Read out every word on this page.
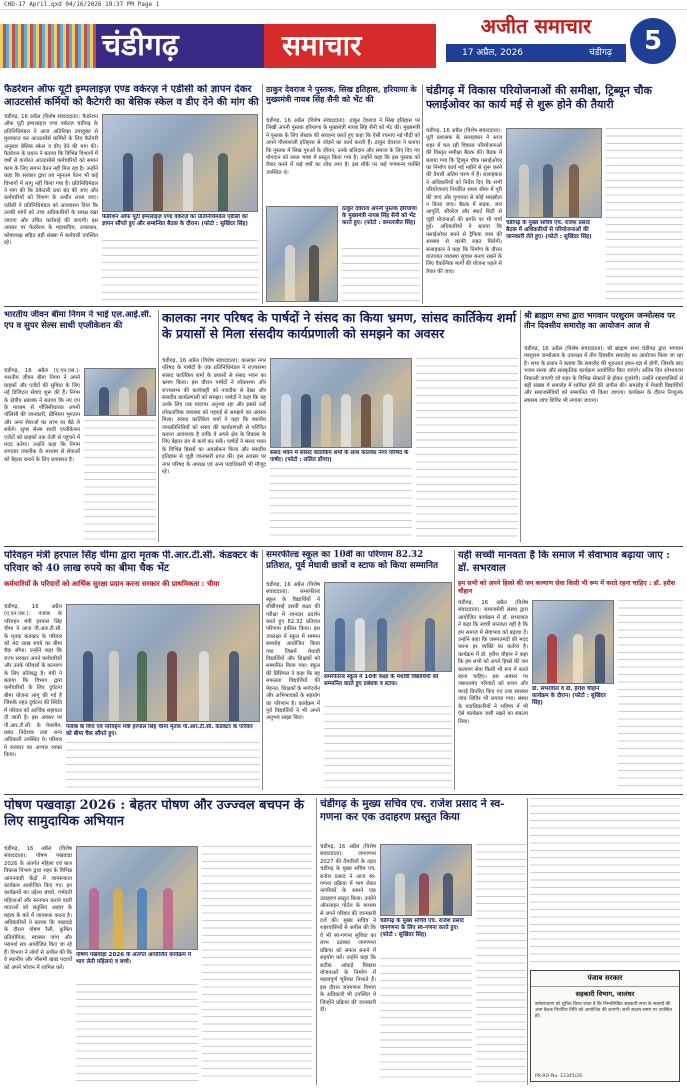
CHD-17 April.qxd 04/16/2026 19:37 PM Page 1
चंडीगढ़	समाचार
अजीत समाचार
17 अप्रैल, 2026	चंडीगढ़	5
फैडरेशन ऑफ यूटी इम्पलाइज़ एण्ड वर्करज़ ने एडीसी को ज्ञापन देकर आउटसोर्स कर्मियों को कैटेगरी का बेसिक स्केल व डीए देने की मांग की
चंडीगढ़, 16 अप्रैल (विशेष संवाददाता): फैडरेशन ऑफ यूटी इम्पलाइज़ एण्ड वर्करज़ चंडीगढ़ के प्रतिनिधिमंडल ने आज अतिरिक्त उपायुक्त से मुलाकात कर आउटसोर्स कर्मियों के लिए कैटेगरी अनुसार बेसिक स्केल व डीए देने की मांग की। फैडरेशन के प्रधान ने बताया कि विभिन्न विभागों में वर्षों से कार्यरत आउटसोर्स कर्मचारियों को समान काम के लिए समान वेतन नहीं मिल रहा है। उन्होंने कहा कि सरकार द्वारा तय न्यूनतम वेतन भी कई विभागों में लागू नहीं किया गया है। प्रतिनिधिमंडल ने मांग की कि ठेकेदारी प्रथा बंद की जाए और कर्मचारियों को विभाग के अधीन लाया जाए। एडीसी ने प्रतिनिधिमंडल को आश्वासन दिया कि उनकी मांगों को उच्च अधिकारियों के समक्ष रखा जाएगा और उचित कार्रवाई की जाएगी। इस अवसर पर फैडरेशन के महासचिव, उपप्रधान, कोषाध्यक्ष सहित बड़ी संख्या में कर्मचारी उपस्थित रहे।
फैडरेशन ऑफ यूटी इम्पलाइज़ एण्ड वर्करज़ का प्रतिनिधिमंडल एडीसी को ज्ञापन सौंपते हुए और सम्बन्धित बैठक के दौरान। (फोटो : सुखिंदर सिंह)
ठाकुर देवराज ने पुस्तक, सिख इतिहास, हरियाणा के मुख्यमंत्री नायब सिंह सैनी को भेंट की
चंडीगढ़, 16 अप्रैल (विशेष संवाददाता): ठाकुर देवराज ने सिख इतिहास पर लिखी अपनी पुस्तक हरियाणा के मुख्यमंत्री नायब सिंह सैनी को भेंट की। मुख्यमंत्री ने पुस्तक के लिए लेखक की सराहना करते हुए कहा कि ऐसी रचनाएं नई पीढ़ी को अपने गौरवशाली इतिहास से जोड़ने का कार्य करती हैं। ठाकुर देवराज ने बताया कि पुस्तक में सिख गुरुओं के जीवन, उनके बलिदान और समाज के लिए दिए गए योगदान को सरल भाषा में प्रस्तुत किया गया है। उन्होंने कहा कि इस पुस्तक को तैयार करने में कई वर्षों का शोध लगा है। इस मौके पर कई गणमान्य व्यक्ति उपस्थित थे।
ठाकुर देवराज अपनी पुस्तक हरियाणा के मुख्यमंत्री नायब सिंह सैनी को भेंट करते हुए। (फोटो : कमलजीत सिंह)
चंडीगढ़ में विकास परियोजनाओं की समीक्षा, ट्रिब्यून चौक फ्लाईओवर का कार्य मई से शुरू होने की तैयारी
चंडीगढ़, 16 अप्रैल (विशेष संवाददाता): यूटी प्रशासक के सलाहकार ने आज शहर में चल रही विकास परियोजनाओं की विस्तृत समीक्षा बैठक की। बैठक में बताया गया कि ट्रिब्यून चौक फ्लाईओवर का निर्माण कार्य मई महीने से शुरू करने की तैयारी अंतिम चरण में है। सलाहकार ने अधिकारियों को निर्देश दिए कि सभी परियोजनाएं निर्धारित समय सीमा में पूरी की जाएं और गुणवत्ता से कोई समझौता न किया जाए। बैठक में सड़क, जल आपूर्ति, सीवरेज और स्मार्ट सिटी से जुड़ी योजनाओं की प्रगति पर भी चर्चा हुई। अधिकारियों ने बताया कि फ्लाईओवर बनने से ट्रैफिक जाम की समस्या से काफी राहत मिलेगी। सलाहकार ने कहा कि निर्माण के दौरान यातायात व्यवस्था सुचारु बनाए रखने के लिए वैकल्पिक मार्गों की योजना पहले से तैयार की जाए।
चंडीगढ़ के मुख्य सचिव एच. राजेश प्रसाद बैठक में अधिकारियों से परियोजनाओं की जानकारी लेते हुए। (फोटो : सुखिंदर सिंह)
भारतीय जीवन बीमा निगम ने भाई एल.आई.सी. एप व सुपर सेल्स साथी एप्लीकेशन की
चंडीगढ़, 16 अप्रैल (ए.एन.एस.): भारतीय जीवन बीमा निगम ने अपने ग्राहकों और एजेंटों की सुविधा के लिए नई डिजिटल सेवाएं शुरू की हैं। निगम के क्षेत्रीय प्रबंधक ने बताया कि नए एप के माध्यम से पॉलिसीधारक अपनी पॉलिसी की जानकारी, प्रीमियम भुगतान और अन्य सेवाओं का लाभ घर बैठे ले सकेंगे। सुपर सेल्स साथी एप्लीकेशन एजेंटों को ग्राहकों तक तेजी से पहुंचने में मदद करेगा। उन्होंने कहा कि निगम लगातार तकनीक के माध्यम से सेवाओं को बेहतर बनाने के लिए प्रयासरत है।
कालका नगर परिषद के पार्षदों ने संसद का किया भ्रमण, सांसद कार्तिकेय शर्मा के प्रयासों से मिला संसदीय कार्यप्रणाली को समझने का अवसर
चंडीगढ़, 16 अप्रैल (विशेष संवाददाता): कालका नगर परिषद के पार्षदों के एक प्रतिनिधिमंडल ने राज्यसभा सांसद कार्तिकेय शर्मा के प्रयासों से संसद भवन का भ्रमण किया। इस दौरान पार्षदों ने लोकसभा और राज्यसभा की कार्यवाही को नजदीक से देखा और संसदीय कार्यप्रणाली को समझा। पार्षदों ने कहा कि यह उनके लिए एक यादगार अनुभव रहा और इससे उन्हें लोकतांत्रिक व्यवस्था को गहराई से समझने का अवसर मिला। सांसद कार्तिकेय शर्मा ने कहा कि स्थानीय जनप्रतिनिधियों को संसद की कार्यप्रणाली से परिचित कराना आवश्यक है ताकि वे अपने क्षेत्र के विकास के लिए बेहतर ढंग से कार्य कर सकें। पार्षदों ने संसद भवन के विभिन्न हिस्सों का अवलोकन किया और संसदीय इतिहास से जुड़ी जानकारी प्राप्त की। इस अवसर पर नगर परिषद के अध्यक्ष एवं अन्य पदाधिकारी भी मौजूद रहे।
संसद भवन में सांसद कार्तिकेय शर्मा के साथ कालका नगर परिषद के पार्षद। (फोटो : ललित डोंगरा)
श्री ब्राह्मण सभा द्वारा भगवान परशुराम जन्मोत्सव पर तीन दिवसीय समारोह का आयोजन आज से
चंडीगढ़, 16 अप्रैल (विशेष संवाददाता): श्री ब्राह्मण सभा चंडीगढ़ द्वारा भगवान परशुराम जन्मोत्सव के उपलक्ष्य में तीन दिवसीय समारोह का आयोजन किया जा रहा है। सभा के प्रधान ने बताया कि समारोह की शुरुआत हवन-यज्ञ से होगी, जिसके बाद भजन संध्या और सांस्कृतिक कार्यक्रम आयोजित किए जाएंगे। अंतिम दिन शोभायात्रा निकाली जाएगी जो शहर के विभिन्न सेक्टरों से होकर गुजरेगी। उन्होंने शहरवासियों से बड़ी संख्या में समारोह में शामिल होने की अपील की। समारोह में मेधावी विद्यार्थियों और समाजसेवियों को सम्मानित भी किया जाएगा। कार्यक्रम के दौरान निःशुल्क स्वास्थ्य जांच शिविर भी लगाया जाएगा।
परिवहन मंत्री हरपाल सिंह चीमा द्वारा मृतक पी.आर.टी.सी. कंडक्टर के परिवार को 40 लाख रुपये का बीमा चैक भेंट
कर्मचारियों के परिवारों को आर्थिक सुरक्षा प्रदान करना सरकार की प्राथमिकता : चीमा
चंडीगढ़, 16 अप्रैल (ए.एन.एस.): पंजाब के परिवहन मंत्री हरपाल सिंह चीमा ने आज पी.आर.टी.सी. के मृतक कंडक्टर के परिवार को 40 लाख रुपये का बीमा चैक सौंपा। उन्होंने कहा कि राज्य सरकार अपने कर्मचारियों और उनके परिवारों के कल्याण के लिए प्रतिबद्ध है। मंत्री ने बताया कि विभाग द्वारा कर्मचारियों के लिए दुर्घटना बीमा योजना लागू की गई है जिसके तहत दुर्घटना की स्थिति में परिवार को आर्थिक सहायता दी जाती है। इस अवसर पर पी.आर.टी.सी. के चेयरमैन, प्रबंध निदेशक तथा अन्य अधिकारी उपस्थित थे। परिवार ने सरकार का आभार व्यक्त किया।
पंजाब के वित्त एवं परिवहन मंत्री हरपाल सिंह चीमा मृतक पी.आर.टी.सी. कंडक्टर के परिवार को बीमा चैक सौंपते हुए।
समरफील्ड स्कूल का 10वीं का परिणाम 82.32 प्रतिशत, पूर्व मेधावी छात्रों व स्टाफ को किया सम्मानित
चंडीगढ़, 16 अप्रैल (विशेष संवाददाता): समरफील्ड स्कूल के विद्यार्थियों ने सीबीएसई दसवीं कक्षा की परीक्षा में शानदार प्रदर्शन करते हुए 82.32 प्रतिशत परिणाम हासिल किया। इस उपलक्ष्य में स्कूल में सम्मान समारोह आयोजित किया गया जिसमें मेधावी विद्यार्थियों और शिक्षकों को सम्मानित किया गया। स्कूल की प्रिंसिपल ने कहा कि यह सफलता विद्यार्थियों की मेहनत, शिक्षकों के मार्गदर्शन और अभिभावकों के सहयोग का परिणाम है। कार्यक्रम में पूर्व विद्यार्थियों ने भी अपने अनुभव साझा किए।
समरफील्ड स्कूल में 10वीं कक्षा के मेधावी विद्यार्थियों को सम्मानित करते हुए प्रबंधक व स्टाफ।
यही सच्ची मानवता है कि समाज में सेवाभाव बढ़ाया जाए : डॉ. सभरवाल
हम सभी को अपने हिस्से की जन कल्याण सेवा किसी भी रूप में करते रहना चाहिए : डॉ. हरीश चौहान
चंडीगढ़, 16 अप्रैल (विशेष संवाददाता): समाजसेवी संस्था द्वारा आयोजित कार्यक्रम में डॉ. सभरवाल ने कहा कि सच्ची मानवता यही है कि हम समाज में सेवाभाव को बढ़ावा दें। उन्होंने कहा कि जरूरतमंदों की मदद करना हर व्यक्ति का कर्तव्य है। कार्यक्रम में डॉ. हरीश चौहान ने कहा कि हम सभी को अपने हिस्से की जन कल्याण सेवा किसी भी रूप में करते रहना चाहिए। इस अवसर पर जरूरतमंद परिवारों को राशन और कपड़े वितरित किए गए तथा स्वास्थ्य जांच शिविर भी लगाया गया। संस्था के पदाधिकारियों ने भविष्य में भी ऐसे कार्यक्रम जारी रखने का संकल्प लिया।
डॉ. सभरवाल व डॉ. हरीश चौहान कार्यक्रम के दौरान। (फोटो : सुखिंदर सिंह)
पोषण पखवाड़ा 2026 : बेहतर पोषण और उज्ज्वल बचपन के लिए सामुदायिक अभियान
चंडीगढ़, 16 अप्रैल (विशेष संवाददाता): पोषण पखवाड़ा 2026 के अंतर्गत महिला एवं बाल विकास विभाग द्वारा शहर के विभिन्न आंगनवाड़ी केंद्रों में जागरूकता कार्यक्रम आयोजित किए गए। इन कार्यक्रमों का उद्देश्य बच्चों, गर्भवती महिलाओं और स्तनपान कराने वाली माताओं को संतुलित आहार के महत्व के बारे में जागरूक करना है। अधिकारियों ने बताया कि पखवाड़े के दौरान पोषण रैली, कुकिंग प्रतियोगिता, स्वास्थ्य जांच और परामर्श सत्र आयोजित किए जा रहे हैं। विभाग ने लोगों से अपील की कि वे स्थानीय और मौसमी खाद्य पदार्थों को अपने भोजन में शामिल करें।
पोषण पखवाड़ा 2026 के अंतर्गत आयोजित कार्यक्रम में भाग लेती महिलाएं व बच्चे।
चंडीगढ़ के मुख्य सचिव एच. राजेश प्रसाद ने स्व-गणना कर एक उदाहरण प्रस्तुत किया
चंडीगढ़, 16 अप्रैल (विशेष संवाददाता): जनगणना 2027 की तैयारियों के तहत चंडीगढ़ के मुख्य सचिव एच. राजेश प्रसाद ने आज स्व-गणना प्रक्रिया में भाग लेकर नागरिकों के सामने एक उदाहरण प्रस्तुत किया। उन्होंने ऑनलाइन पोर्टल के माध्यम से अपने परिवार की जानकारी दर्ज की। मुख्य सचिव ने शहरवासियों से अपील की कि वे भी स्व-गणना सुविधा का लाभ उठाकर जनगणना प्रक्रिया को सफल बनाने में सहयोग करें। उन्होंने कहा कि सटीक आंकड़े विकास योजनाओं के निर्माण में महत्वपूर्ण भूमिका निभाते हैं। इस दौरान जनगणना विभाग के अधिकारी भी उपस्थित थे जिन्होंने प्रक्रिया की जानकारी दी।
चंडीगढ़ के मुख्य सचिव एच. राजेश प्रसाद जनगणना के लिए स्व-गणना करते हुए। (फोटो : सुखिंदर सिंह)
पंजाब सरकार
सहकारी विभाग, जालंधर
सर्वसाधारण को सूचित किया जाता है कि निम्नलिखित सहकारी सभा के सदस्यों की आम बैठक निर्धारित तिथि को आयोजित की जाएगी। सभी सदस्य समय पर उपस्थित हों।
PR-RO-No. 12345/26
